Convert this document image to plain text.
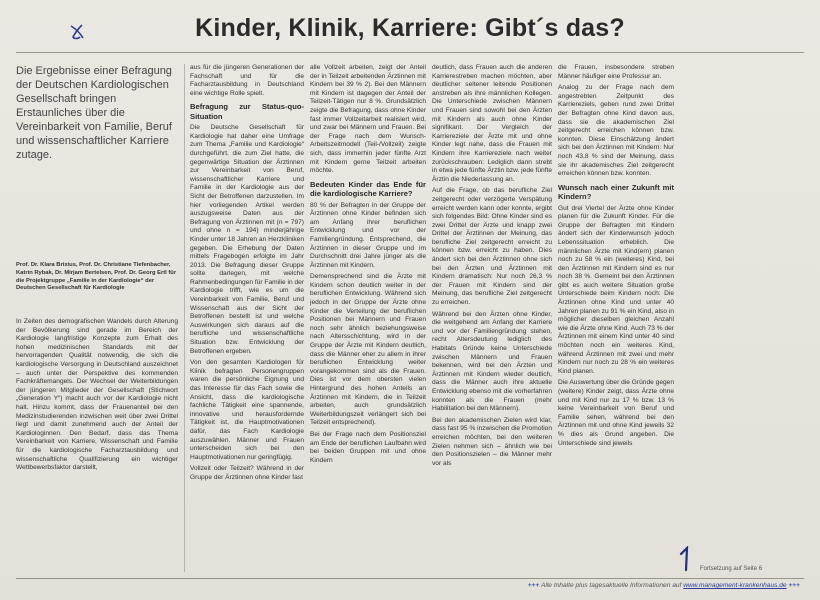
Kinder, Klinik, Karriere: Gibt´s das?
Die Ergebnisse einer Befragung der Deutschen Kardiologischen Gesellschaft bringen Erstaunliches über die Vereinbarkeit von Familie, Beruf und wissenschaftlicher Karriere zutage.
Prof. Dr. Klara Brixius, Prof. Dr. Christiane Tiefenbacher, Katrin Rybak, Dr. Mirjam Bertelsen, Prof. Dr. Georg Ertl für die Projektgruppe „Familie in der Kardiologie“ der Deutschen Gesellschaft für Kardiologie

In Zeiten des demografischen Wandels durch Alterung der Bevölkerung sind gerade im Bereich der Kardiologie langfristige Konzepte zum Erhalt des hohen medizinischen Standards mit der hervorragenden Qualität notwendig, die sich die kardiologische Versorgung in Deutschland auszeichnet – auch unter der Perspektive des kommenden Fachkräftemangels. Der Wechsel der Weiterbildungen der jüngeren Mitglieder der Gesellschaft (Stichwort „Generation Y“) macht auch vor der Kardiologie nicht halt. Hinzu kommt, dass der Frauenanteil bei den Medizinstudierenden inzwischen weit über zwei Drittel liegt und damit zunehmend auch der Anteil der Kardiologinnen. Den Bedarf, dass das Thema Vereinbarkeit von Karriere, Wissenschaft und Familie für die kardiologische Facharztausbildung und wissenschaftliche Qualifizierung ein wichtiger Wettbewerbsfaktor darstellt,

aus für die jüngeren Generationen der Fachschaft und für die Facharztausbildung in Deutschland eine wichtige Rolle spielt.

Befragung zur Status-quo-Situation

Die Deutsche Gesellschaft für Kardiologie hat daher eine Umfrage zum Thema „Familie und Kardiologie“ durchgeführt, die zum Ziel hatte, die gegenwärtige Situation der Ärztinnen zur Vereinbarkeit von Beruf, wissenschaftlicher Karriere und Familie in der Kardiologie aus der Sicht der Betroffenen darzustellen. Im hier vorliegenden Artikel werden auszugsweise Daten aus der Befragung von Ärztinnen mit (n = 797) und ohne n = 194) minderjährige Kinder unter 18 Jahren an Herzkliniken gegeben. Die Erhebung der Daten mittels Fragebogen erfolgte im Jahr 2013. Die Befragung dieser Gruppe sollte darlegen, mit welche Rahmenbedingungen für Familie in der Kardiologie trifft, wie es um die Vereinbarkeit von Familie, Beruf und Wissenschaft aus der Sicht der Betroffenen bestellt ist und welche Auswirkungen sich daraus auf die berufliche und wissenschaftliche Situation bzw. Entwicklung der Betroffenen ergeben.

Von den gesamten Kardiologen für Klinik befragten Personengruppen waren die persönliche Eignung und das Interesse für das Fach sowie die Ansicht, dass die kardiologische fachliche Tätigkeit eine spannende, innovative und herausfordernde Tätigkeit ist, die Hauptmotivationen dafür, das Fach Kardiologie auszuwählen. Männer und Frauen unterscheiden sich bei den Hauptmotivationen nur geringfügig.

Vollzeit oder Teilzeit? Während in der Gruppe der Ärztinnen ohne Kinder fast

alle Vollzeit arbeiten, zeigt der Anteil der in Teilzeit arbeitenden Ärztinnen mit Kindern bei 39 % 2). Bei den Männern mit Kindern ist dagegen der Anteil der Teilzeit-Tätigen nur 8 %. Grundsätzlich zeigte die Befragung, dass ohne Kinder fast immer Vollzeitarbeit realisiert wird, und zwar bei Männern und Frauen. Bei der Frage nach dem Wunsch-Arbeitszeitmodell (Teil-/Vollzeit) zeigte sich, dass immerhin jeder fünfte Arzt mit Kindern gerne Teilzeit arbeiten möchte.

Bedeuten Kinder das Ende für die kardiologische Karriere?

80 % der Befragten in der Gruppe der Ärztinnen ohne Kinder befinden sich am Anfang ihrer beruflichen Entwicklung und vor der Familiengründung. Entsprechend, die Ärztinnen in dieser Gruppe und im Durchschnitt drei Jahre jünger als die Ärztinnen mit Kindern.

Demensprechend sind die Ärzte mit Kindern schon deutlich weiter in der beruflichen Entwicklung. Während sich jedoch in der Gruppe der Ärzte ohne Kinder die Verteilung der beruflichen Positionen bei Männern und Frauen noch sehr ähnlich beziehungsweise nach Altersschichtung, wird in der Gruppe der Ärzte mit Kindern deutlich, dass die Männer eher zu allem in ihrer beruflichen Entwicklung weiter vorangekommen sind als die Frauen. Dies ist vor dem obersten vielen Hintergrund des hohen Anteils an Ärztinnen mit Kindern, die in Teilzeit arbeiten, auch grundsätzlich Weiterbildungszeit verlängert sich bei Teilzeit entsprechend).

Bei der Frage nach dem Positionsziel am Ende der beruflichen Laufbahn wird bei beiden Gruppen mit und ohne Kindern

deutlich, dass Frauen auch die anderen Karrierestreben machen möchten, aber deutlicher seltener leitende Positionen anstreben als ihre männlichen Kollegen. Die Unterschiede zwischen Männern und Frauen sind sowohl bei den Ärzten mit Kindern als auch ohne Kinder signifikant. Der Vergleich der Karriereziele der Ärzte mit und ohne Kinder legt nahe, dass die Frauen mit Kindern ihre Karriereziele nach weiter zurückschrauben: Lediglich dann strebt in etwa jede fünfte Ärztin bzw. jede fünfte Ärztin die Niederlassung an.

Auf die Frage, ob das berufliche Ziel zeitgerecht oder verzögerte Verspätung erreicht werden kann oder konnte, ergibt sich folgendes Bild: Ohne Kinder sind es zwei Drittel der Ärzte und knapp zwei Drittel der Ärztinnen der Meinung, das berufliche Ziel zeitgerecht erreicht zu können bzw. erreicht zu haben. Dies ändert sich bei den Ärztinnen ohne sich bei den Ärzten und Ärztinnen mit Kindern dramatisch: Nur noch 26,3 % der Frauen mit Kindern sind der Meinung, das berufliche Ziel zeitgerecht zu erreichen.

Während bei den Ärzten ohne Kinder, die weitgehend am Anfang der Karriere und vor der Familiengründung stehen, recht Altersdeutung lediglich des Habitats Gründe keine Unterschiede zwischen Männern und Frauen bekennen, wird bei den Ärzten und Ärztinnen mit Kindern wieder deutlich, dass die Männer auch ihre aktuelle Entwicklung ebenso mit die vorherfahren konnten als die Frauen (mehr Habilitation bei den Männern).

Bei den akademischen Zielen wird klar, dass fast 95 % inzwischen die Promotion erreichen möchten, bei den weiteren Zielen nehmen sich – ähnlich wie bei den Positionszielen – die Männer mehr vor als

die Frauen, insbesondere streben Männer häufiger eine Professur an.

Analog zu der Frage nach dem angestrebten Zeitpunkt des Karriereziels, geben rund zwei Drittel der Befragten ohne Kind davon aus, dass sie die akademischen Ziel zeitgerecht erreichen können bzw. konnten. Diese Einschätzung ändert sich bei den Ärztinnen mit Kindern: Nur noch 43,8 % sind der Meinung, dass sie ihr akademisches Ziel zeitgerecht erreichen können bzw. konnten.

Wunsch nach einer Zukunft mit Kindern?

Gut drei Viertel der Ärzte ohne Kinder planen für die Zukunft Kinder. Für die Gruppe der Befragten mit Kindern ändert sich der Kinderwunsch jedoch Lebenssituation erheblich. Die männlichen Ärzte mit Kind(ern) planen noch zu 58 % ein (weiteres) Kind, bei den Ärztinnen mit Kindern sind es nur noch 38 %. Gemeint bei den Ärztinnen gibt es auch weitere Situation große Unterschiede beim Kindern noch: Die Ärztinnen ohne Kind und unter 40 Jahren planen zu 91 % ein Kind, also in möglicher dieselben gleichen Anzahl wie die Ärzte ohne Kind. Auch 73 % der Ärztinnen mit einem Kind unter 40 sind möchten noch ein weiteres Kind, während Ärztinnen mit zwei und mehr Kindern nur noch zu 28 % ein weiteres Kind planen.

Die Auswertung über die Gründe gegen (weitere) Kinder zeigt, dass Ärzte ohne und mit Kind nur zu 17 % bzw. 13 % keine Vereinbarkeit von Beruf und Familie sehen, während bei den Ärztinnen mit und ohne Kind jeweils 32 % dies als Grund angeben. Die Unterschiede sind jeweils

Fortsetzung auf Seite 6
+++ Alle Inhalte plus tagesaktuelle Informationen auf www.management-krankenhaus.de +++
